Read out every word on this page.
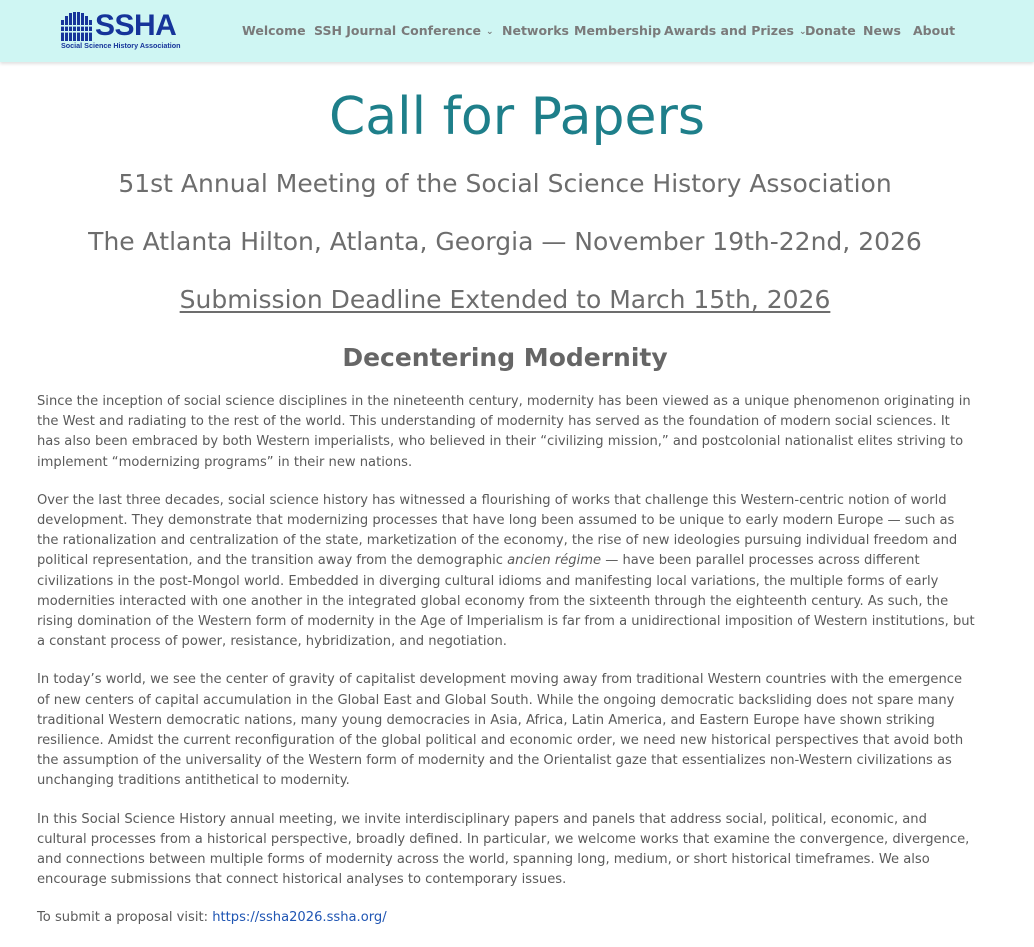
SSHA
Social Science History Association
Welcome SSH Journal Conference ⌄ Networks Membership Awards and Prizes ⌄
Donate News About
Call for Papers
51st Annual Meeting of the Social Science History Association
The Atlanta Hilton, Atlanta, Georgia — November 19th-22nd, 2026
Submission Deadline Extended to March 15th, 2026
Decentering Modernity

Since the inception of social science disciplines in the nineteenth century, modernity has been viewed as a unique phenomenon originating in the West and radiating to the rest of the world. This understanding of modernity has served as the foundation of modern social sciences. It has also been embraced by both Western imperialists, who believed in their “civilizing mission,” and postcolonial nationalist elites striving to implement “modernizing programs” in their new nations.

Over the last three decades, social science history has witnessed a flourishing of works that challenge this Western-centric notion of world development. They demonstrate that modernizing processes that have long been assumed to be unique to early modern Europe — such as the rationalization and centralization of the state, marketization of the economy, the rise of new ideologies pursuing individual freedom and political representation, and the transition away from the demographic ancien régime — have been parallel processes across different civilizations in the post-Mongol world. Embedded in diverging cultural idioms and manifesting local variations, the multiple forms of early modernities interacted with one another in the integrated global economy from the sixteenth through the eighteenth century. As such, the rising domination of the Western form of modernity in the Age of Imperialism is far from a unidirectional imposition of Western institutions, but a constant process of power, resistance, hybridization, and negotiation.

In today’s world, we see the center of gravity of capitalist development moving away from traditional Western countries with the emergence of new centers of capital accumulation in the Global East and Global South. While the ongoing democratic backsliding does not spare many traditional Western democratic nations, many young democracies in Asia, Africa, Latin America, and Eastern Europe have shown striking resilience. Amidst the current reconfiguration of the global political and economic order, we need new historical perspectives that avoid both the assumption of the universality of the Western form of modernity and the Orientalist gaze that essentializes non-Western civilizations as unchanging traditions antithetical to modernity.

In this Social Science History annual meeting, we invite interdisciplinary papers and panels that address social, political, economic, and cultural processes from a historical perspective, broadly defined. In particular, we welcome works that examine the convergence, divergence, and connections between multiple forms of modernity across the world, spanning long, medium, or short historical timeframes. We also encourage submissions that connect historical analyses to contemporary issues.

To submit a proposal visit: https://ssha2026.ssha.org/
